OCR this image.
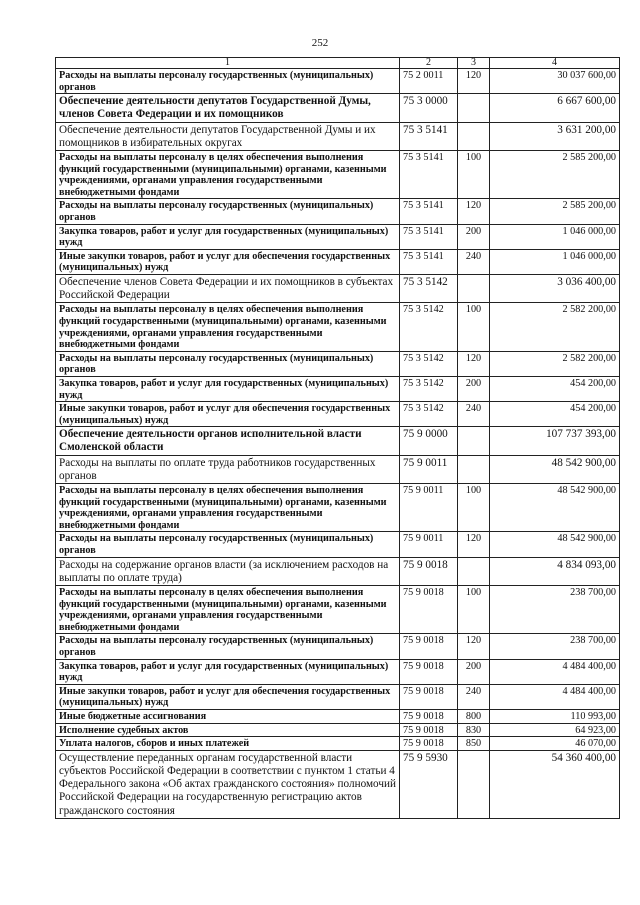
252
1	2	3	4
Расходы на выплаты персоналу государственных (муниципальных) органов	75 2 0011	120	30 037 600,00
Обеспечение деятельности депутатов Государственной Думы, членов Совета Федерации и их помощников	75 3 0000		6 667 600,00
Обеспечение деятельности депутатов Государственной Думы и их помощников в избирательных округах	75 3 5141		3 631 200,00
Расходы на выплаты персоналу в целях обеспечения выполнения функций государственными (муниципальными) органами, казенными учреждениями, органами управления государственными внебюджетными фондами	75 3 5141	100	2 585 200,00
Расходы на выплаты персоналу государственных (муниципальных) органов	75 3 5141	120	2 585 200,00
Закупка товаров, работ и услуг для государственных (муниципальных) нужд	75 3 5141	200	1 046 000,00
Иные закупки товаров, работ и услуг для обеспечения государственных (муниципальных) нужд	75 3 5141	240	1 046 000,00
Обеспечение членов Совета Федерации и их помощников в субъектах Российской Федерации	75 3 5142		3 036 400,00
Расходы на выплаты персоналу в целях обеспечения выполнения функций государственными (муниципальными) органами, казенными учреждениями, органами управления государственными внебюджетными фондами	75 3 5142	100	2 582 200,00
Расходы на выплаты персоналу государственных (муниципальных) органов	75 3 5142	120	2 582 200,00
Закупка товаров, работ и услуг для государственных (муниципальных) нужд	75 3 5142	200	454 200,00
Иные закупки товаров, работ и услуг для обеспечения государственных (муниципальных) нужд	75 3 5142	240	454 200,00
Обеспечение деятельности органов исполнительной власти Смоленской области	75 9 0000		107 737 393,00
Расходы на выплаты по оплате труда работников государственных органов	75 9 0011		48 542 900,00
Расходы на выплаты персоналу в целях обеспечения выполнения функций государственными (муниципальными) органами, казенными учреждениями, органами управления государственными внебюджетными фондами	75 9 0011	100	48 542 900,00
Расходы на выплаты персоналу государственных (муниципальных) органов	75 9 0011	120	48 542 900,00
Расходы на содержание органов власти (за исключением расходов на выплаты по оплате труда)	75 9 0018		4 834 093,00
Расходы на выплаты персоналу в целях обеспечения выполнения функций государственными (муниципальными) органами, казенными учреждениями, органами управления государственными внебюджетными фондами	75 9 0018	100	238 700,00
Расходы на выплаты персоналу государственных (муниципальных) органов	75 9 0018	120	238 700,00
Закупка товаров, работ и услуг для государственных (муниципальных) нужд	75 9 0018	200	4 484 400,00
Иные закупки товаров, работ и услуг для обеспечения государственных (муниципальных) нужд	75 9 0018	240	4 484 400,00
Иные бюджетные ассигнования	75 9 0018	800	110 993,00
Исполнение судебных актов	75 9 0018	830	64 923,00
Уплата налогов, сборов и иных платежей	75 9 0018	850	46 070,00
Осуществление переданных органам государственной власти субъектов Российской Федерации в соответствии с пунктом 1 статьи 4 Федерального закона «Об актах гражданского состояния» полномочий Российской Федерации на государственную регистрацию актов гражданского состояния	75 9 5930		54 360 400,00
